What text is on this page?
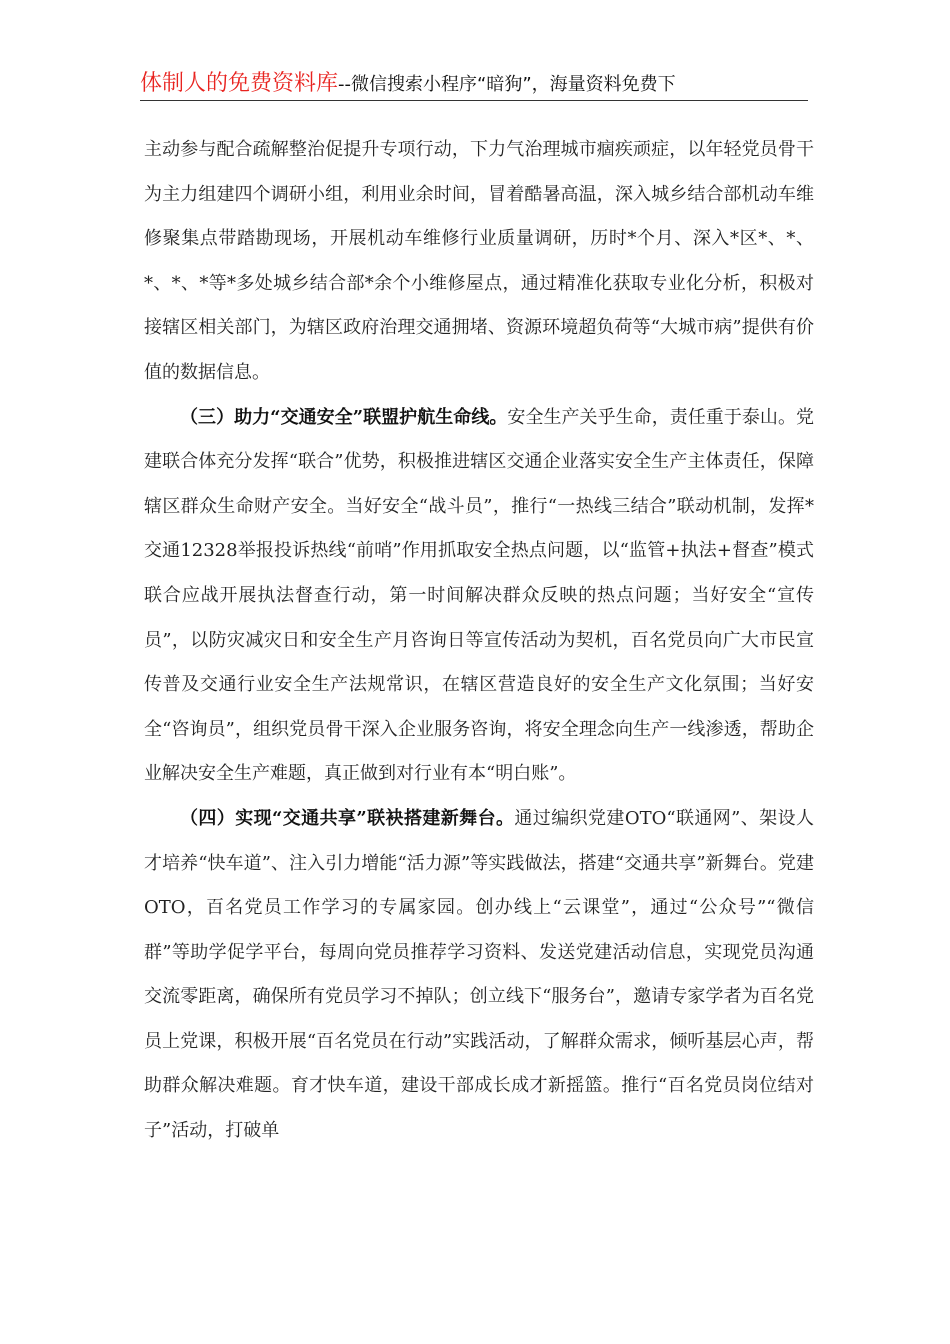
体制人的免费资料库--微信搜索小程序“暗狗”，海量资料免费下

主动参与配合疏解整治促提升专项行动，下力气治理城市痼疾顽症，以年轻党员骨干为主力组建四个调研小组，利用业余时间，冒着酷暑高温，深入城乡结合部机动车维修聚集点带踏勘现场，开展机动车维修行业质量调研，历时*个月、深入*区*、*、*、*、*等*多处城乡结合部*余个小维修屋点，通过精准化获取专业化分析，积极对接辖区相关部门，为辖区政府治理交通拥堵、资源环境超负荷等“大城市病”提供有价值的数据信息。

（三）助力“交通安全”联盟护航生命线。安全生产关乎生命，责任重于泰山。党建联合体充分发挥“联合”优势，积极推进辖区交通企业落实安全生产主体责任，保障辖区群众生命财产安全。当好安全“战斗员”，推行“一热线三结合”联动机制，发挥*交通12328举报投诉热线“前哨”作用抓取安全热点问题，以“监管+执法+督查”模式联合应战开展执法督查行动，第一时间解决群众反映的热点问题；当好安全“宣传员”，以防灾减灾日和安全生产月咨询日等宣传活动为契机，百名党员向广大市民宣传普及交通行业安全生产法规常识，在辖区营造良好的安全生产文化氛围；当好安全“咨询员”，组织党员骨干深入企业服务咨询，将安全理念向生产一线渗透，帮助企业解决安全生产难题，真正做到对行业有本“明白账”。

（四）实现“交通共享”联袂搭建新舞台。通过编织党建OTO“联通网”、架设人才培养“快车道”、注入引力增能“活力源”等实践做法，搭建“交通共享”新舞台。党建OTO，百名党员工作学习的专属家园。创办线上“云课堂”，通过“公众号”“微信群”等助学促学平台，每周向党员推荐学习资料、发送党建活动信息，实现党员沟通交流零距离，确保所有党员学习不掉队；创立线下“服务台”，邀请专家学者为百名党员上党课，积极开展“百名党员在行动”实践活动，了解群众需求，倾听基层心声，帮助群众解决难题。育才快车道，建设干部成长成才新摇篮。推行“百名党员岗位结对子”活动，打破单
